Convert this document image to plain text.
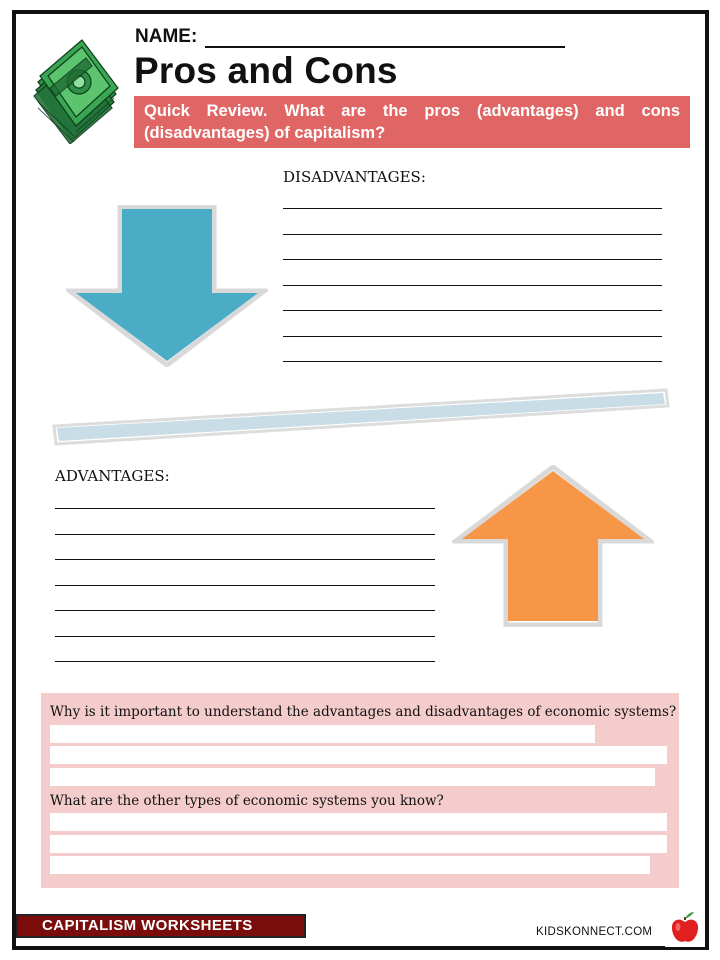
NAME:
Pros and Cons
Quick Review. What are the pros (advantages) and cons (disadvantages) of capitalism?
DISADVANTAGES:
ADVANTAGES:
Why is it important to understand the advantages and disadvantages of economic systems?
What are the other types of economic systems you know?
CAPITALISM WORKSHEETS	KIDSKONNECT.COM
